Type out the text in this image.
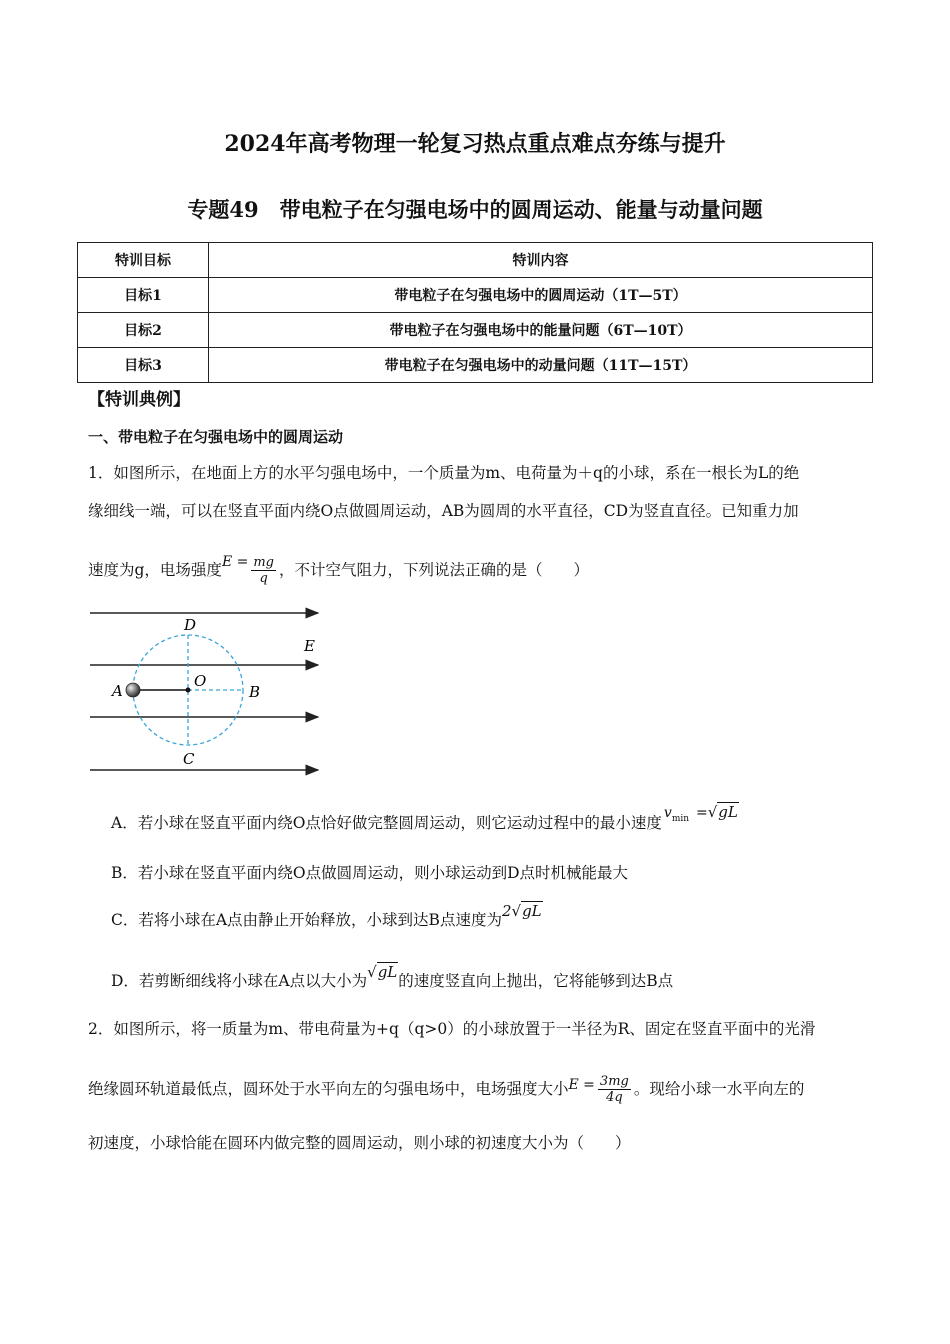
2024年高考物理一轮复习热点重点难点夯练与提升
专题49　带电粒子在匀强电场中的圆周运动、能量与动量问题
特训目标	特训内容
目标1	带电粒子在匀强电场中的圆周运动（1T—5T）
目标2	带电粒子在匀强电场中的能量问题（6T—10T）
目标3	带电粒子在匀强电场中的动量问题（11T—15T）
【特训典例】
一、带电粒子在匀强电场中的圆周运动
1．如图所示，在地面上方的水平匀强电场中，一个质量为m、电荷量为＋q的小球，系在一根长为L的绝
缘细线一端，可以在竖直平面内绕O点做圆周运动，AB为圆周的水平直径，CD为竖直直径。已知重力加
速度为g，电场强度 $E = \frac{mg}{q}$ ，不计空气阻力，下列说法正确的是（　　）
D
E
O
A	B
C
A．若小球在竖直平面内绕O点恰好做完整圆周运动，则它运动过程中的最小速度
$v_{min} =√gL$
B．若小球在竖直平面内绕O点做圆周运动，则小球运动到D点时机械能最大
C．若将小球在A点由静止开始释放，小球到达B点速度为 2√gL
D．若剪断细线将小球在A点以大小为 √gL 的速度竖直向上抛出，它将能够到达B点
2．如图所示，将一质量为m、带电荷量为+q（q>0）的小球放置于一半径为R、固定在竖直平面中的光滑
绝缘圆环轨道最低点，圆环处于水平向左的匀强电场中，电场强度大小 $E = \frac{3mg}{4q}$ 。现给小球一水平向左的
初速度，小球恰能在圆环内做完整的圆周运动，则小球的初速度大小为（　　）
